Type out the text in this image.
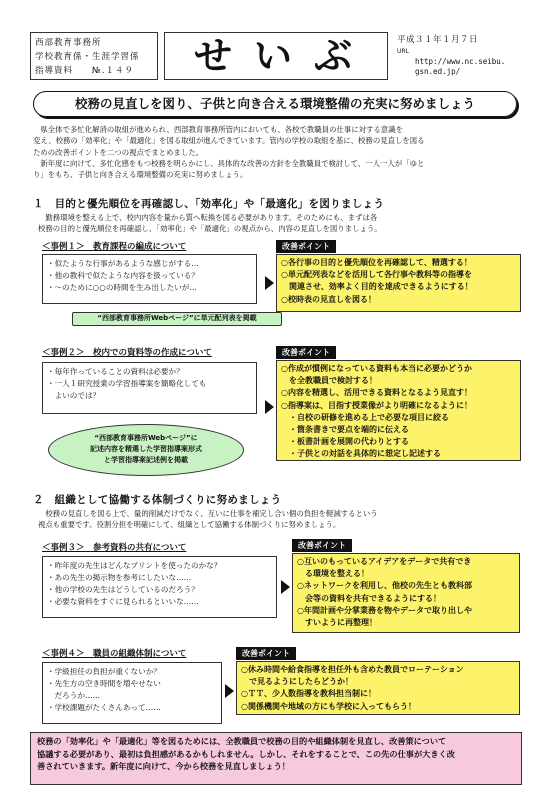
西部教育事務所
学校教育係・生涯学習係
指導資料　　№.１４９	せいぶ	平成３１年１月７日
URL
http://www.nc.seibu.
gsn.ed.jp/
校務の見直しを図り、子供と向き合える環境整備の充実に努めましょう
　県全体で多忙化解消の取組が進められ、西部教育事務所管内においても、各校で教職員の仕事に対する意識を
変え、校務の「効率化」や「最適化」を図る取組が進んできています。管内の学校の取組を基に、校務の見直しを図る
ための改善ポイントを二つの視点でまとめました。
　新年度に向けて、多忙化感をもつ校務を明らかにし、具体的な改善の方針を全教職員で検討して、一人一人が「ゆと
り」をもち、子供と向き合える環境整備の充実に努めましょう。
１　目的と優先順位を再確認し、「効率化」や「最適化」を図りましょう
　勤務環境を整える上で、校内内容を量から質へ転換を図る必要があります。そのためにも、まずは各
校務の目的と優先順位を再確認し、「効率化」や「最適化」の視点から、内容の見直しを図りましょう。
＜事例１＞　教育課程の編成について
・似たような行事があるような感じがする…
・他の教科で似たような内容を扱っている？
・～のために○○の時間を生み出したいが…
改善ポイント
○各行事の目的と優先順位を再確認して、精選する！
○単元配列表などを活用して各行事や教科等の指導を
　関連させ、効率よく目的を達成できるようにする！
○校時表の見直しを図る！
“西部教育事務所Webページ”に単元配列表を掲載
＜事例２＞　校内での資料等の作成について
・毎年作っていることの資料は必要か？
・一人１研究授業の学習指導案を簡略化しても
　よいのでは？
改善ポイント
○作成が慣例になっている資料も本当に必要かどうか
　を全教職員で検討する！
○内容を精選し、活用できる資料となるよう見直す！
○指導案は、目指す授業像がより明確になるように！
　・自校の研修を進める上で必要な項目に絞る
　・箇条書きで要点を端的に伝える
　・板書計画を展開の代わりとする
　・子供との対話を具体的に想定し記述する
“西部教育事務所Webページ”に
記述内容を精選した学習指導案形式
と学習指導案記述例を掲載
２　組織として協働する体制づくりに努めましょう
　校務の見直しを図る上で、量的削減だけでなく、互いに仕事を補完し合い個の負担を軽減するという
視点も重要です。役割分担を明確にして、組織として協働する体制づくりに努めましょう。
＜事例３＞　参考資料の共有について
・昨年度の先生はどんなプリントを使ったのかな？
・あの先生の掲示物を参考にしたいな……
・他の学校の先生はどうしているのだろう？
・必要な資料をすぐに見られるといいな……
改善ポイント
○互いのもっているアイデアをデータで共有でき
　る環境を整える！
○ネットワークを利用し、他校の先生とも教科部
　会等の資料を共有できるようにする！
○年間計画や分掌業務を物やデータで取り出しや
　すいように再整理！
＜事例４＞　職員の組織体制について
・学級担任の負担が重くないか？
・先生方の空き時間を増やせない
　だろうか……
・学校課題がたくさんあって……
改善ポイント
○休み時間や給食指導を担任外も含めた教員でローテーション
　で見るようにしたらどうか！
○ＴＴ、少人数指導を教科担当制に！
○関係機関や地域の方にも学校に入ってもらう！
校務の「効率化」や「最適化」等を図るためには、全教職員で校務の目的や組織体制を見直し、改善策について
協議する必要があり、最初は負担感があるかもしれません。しかし、それをすることで、この先の仕事が大きく改
善されていきます。新年度に向けて、今から校務を見直しましょう！
